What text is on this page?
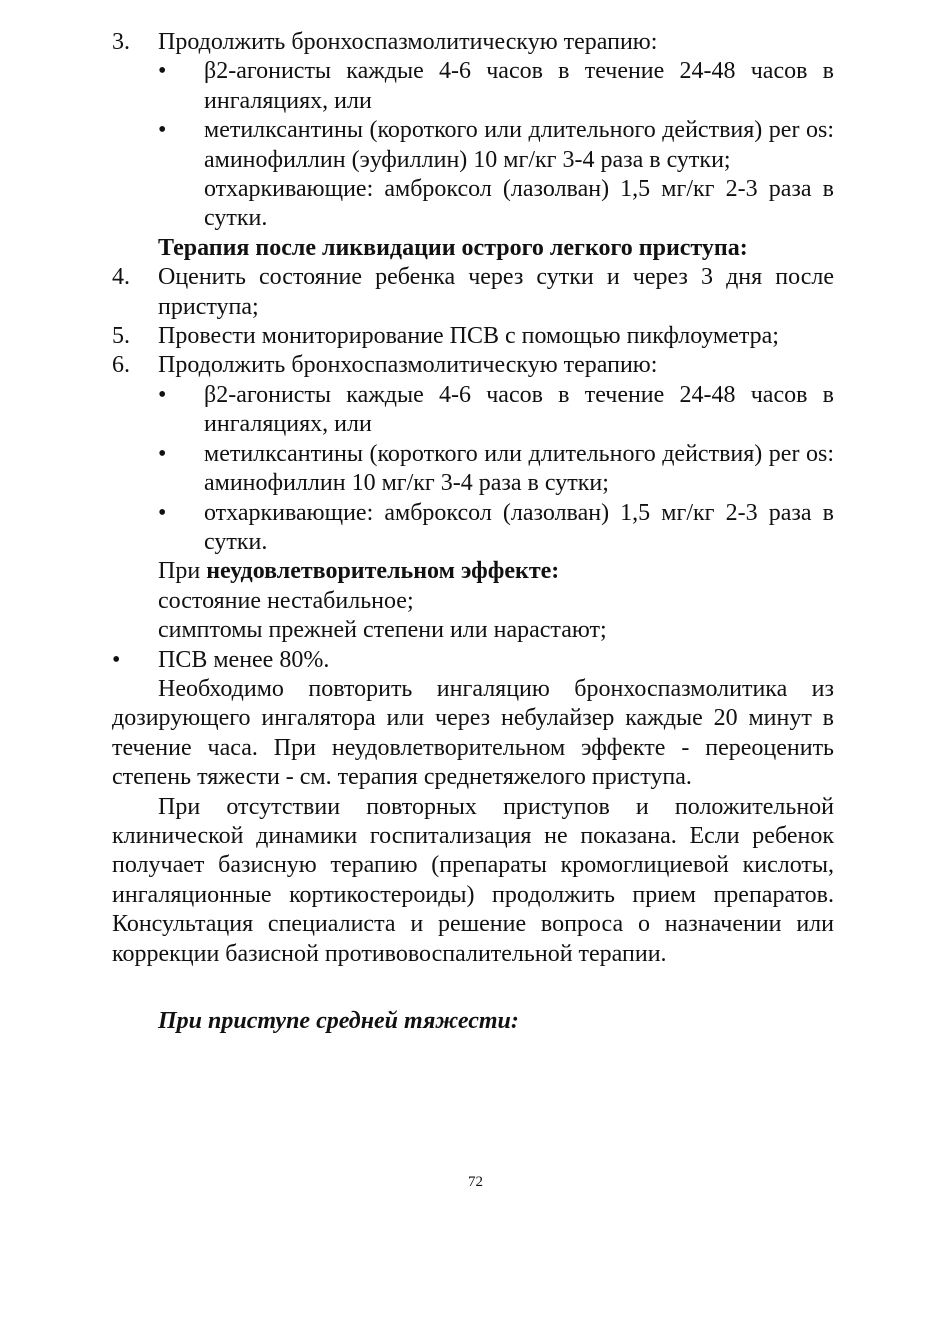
3.	Продолжить бронхоспазмолитическую терапию:
•	β2-агонисты каждые 4-6 часов в течение 24-48 часов в ингаляциях, или
•	метилксантины (короткого или длительного действия) per os: аминофиллин (эуфиллин) 10 мг/кг 3-4 раза в сутки;
отхаркивающие: амброксол (лазолван) 1,5 мг/кг 2-3 раза в сутки.
Терапия после ликвидации острого легкого приступа:
4.	Оценить состояние ребенка через сутки и через 3 дня после приступа;
5.	Провести мониторирование ПСВ с помощью пикфлоуметра;
6.	Продолжить бронхоспазмолитическую терапию:
•	β2-агонисты каждые 4-6 часов в течение 24-48 часов в ингаляциях, или
•	метилксантины (короткого или длительного действия) per os: аминофиллин 10 мг/кг 3-4 раза в сутки;
•	отхаркивающие: амброксол (лазолван) 1,5 мг/кг 2-3 раза в сутки.
При неудовлетворительном эффекте:
состояние нестабильное;
симптомы прежней степени или нарастают;
•	ПСВ менее 80%.

Необходимо повторить ингаляцию бронхоспазмолитика из дозирующего ингалятора или через небулайзер каждые 20 минут в течение часа. При неудовлетворительном эффекте - переоценить степень тяжести - см. терапия среднетяжелого приступа.

При отсутствии повторных приступов и положительной клинической динамики госпитализация не показана. Если ребенок получает базисную терапию (препараты кромоглициевой кислоты, ингаляционные кортикостероиды) продолжить прием препаратов. Консультация специалиста и решение вопроса о назначении или коррекции базисной противовоспалительной терапии.

При приступе средней тяжести:
72
